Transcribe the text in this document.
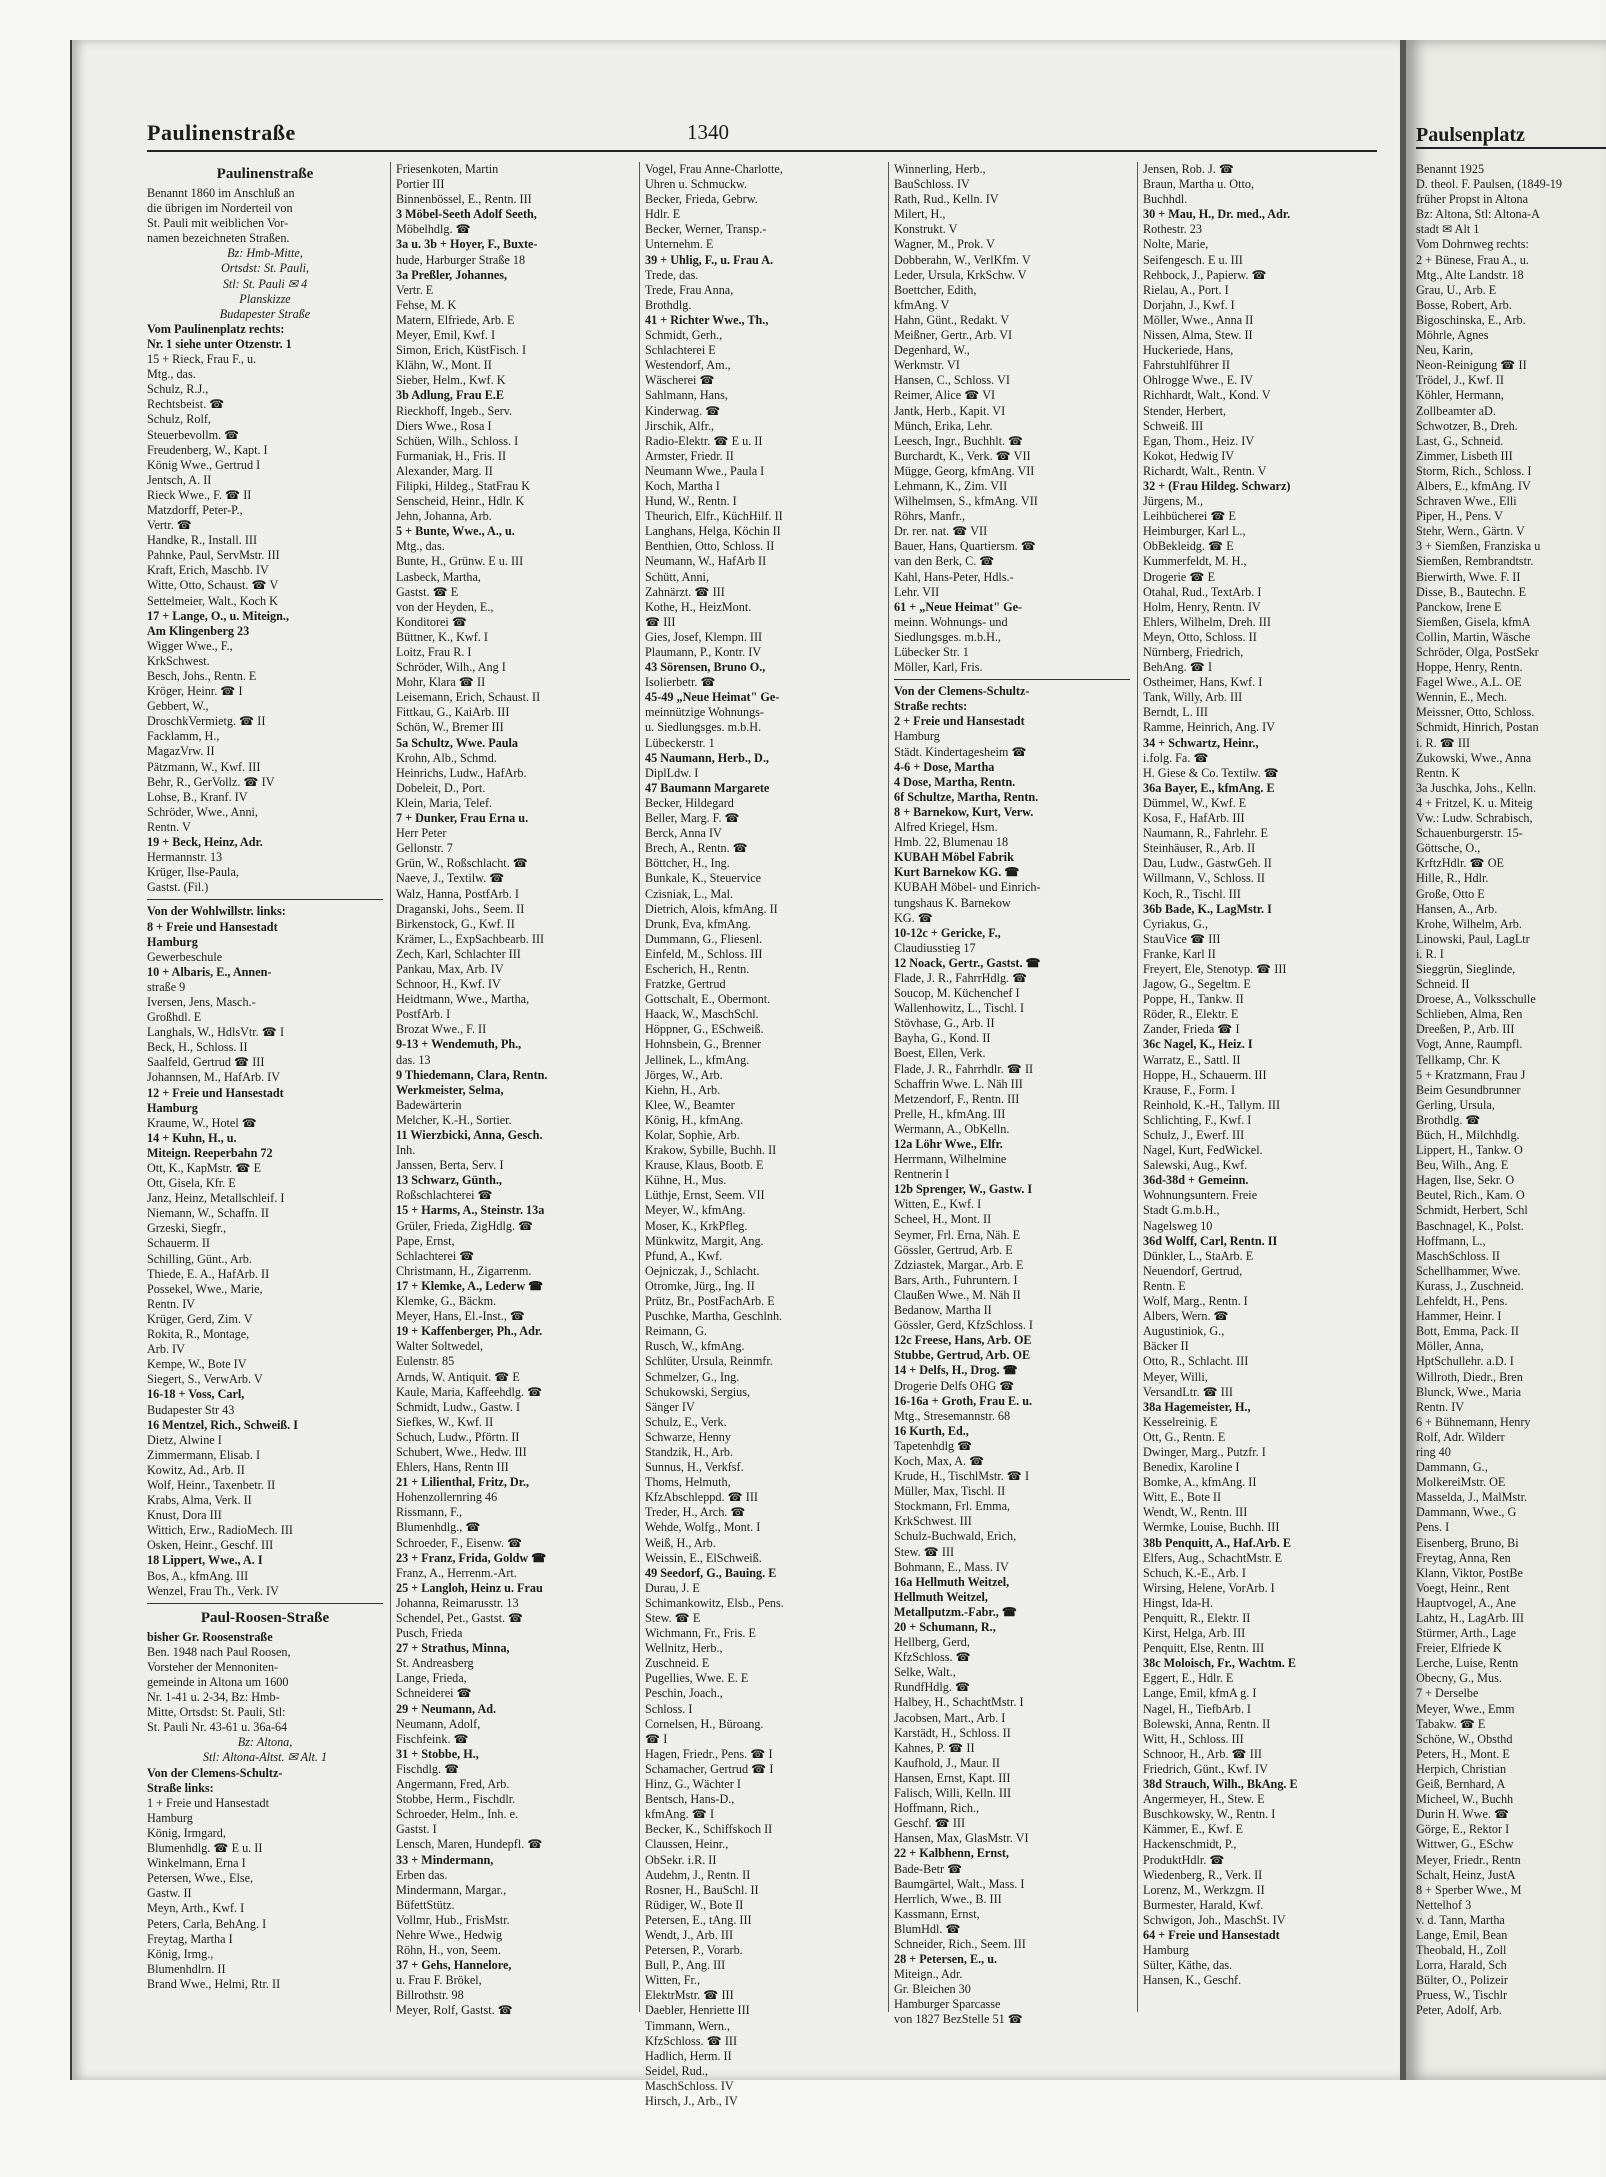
Paulinenstraße	1340
Paulinenstraße
Benannt 1860 im Anschluß an
die übrigen im Norderteil von
St. Pauli mit weiblichen Vor-
namen bezeichneten Straßen.
Bz: Hmb-Mitte,
Ortsdst: St. Pauli,
Stl: St. Pauli ✉ 4
Planskizze
Budapester Straße
Vom Paulinenplatz rechts:
Nr. 1 siehe unter Otzenstr. 1
15 + Rieck, Frau F., u.
Mtg., das.
Schulz, R.J.,
Rechtsbeist. ☎
Schulz, Rolf,
Steuerbevollm. ☎
Freudenberg, W., Kapt. I
König Wwe., Gertrud I
Jentsch, A. II
Rieck Wwe., F. ☎ II
Matzdorff, Peter-P.,
Vertr. ☎
Handke, R., Install. III
Pahnke, Paul, ServMstr. III
Kraft, Erich, Maschb. IV
Witte, Otto, Schaust. ☎ V
Settelmeier, Walt., Koch K
17 + Lange, O., u. Miteign.,
Am Klingenberg 23
Wigger Wwe., F.,
KrkSchwest.
Besch, Johs., Rentn. E
Kröger, Heinr. ☎ I
Gebbert, W.,
DroschkVermietg. ☎ II
Facklamm, H.,
MagazVrw. II
Pätzmann, W., Kwf. III
Behr, R., GerVollz. ☎ IV
Lohse, B., Kranf. IV
Schröder, Wwe., Anni,
Rentn. V
19 + Beck, Heinz, Adr.
Hermannstr. 13
Krüger, Ilse-Paula,
Gastst. (Fil.)
Von der Wohlwillstr. links:
8 + Freie und Hansestadt
Hamburg
Gewerbeschule
10 + Albaris, E., Annen-
straße 9
Iversen, Jens, Masch.-
Großhdl. E
Langhals, W., HdlsVtr. ☎ I
Beck, H., Schloss. II
Saalfeld, Gertrud ☎ III
Johannsen, M., HafArb. IV
12 + Freie und Hansestadt
Hamburg
Kraume, W., Hotel ☎
14 + Kuhn, H., u.
Miteign. Reeperbahn 72
Ott, K., KapMstr. ☎ E
Ott, Gisela, Kfr. E
Janz, Heinz, Metallschleif. I
Niemann, W., Schaffn. II
Grzeski, Siegfr.,
Schauerm. II
Schilling, Günt., Arb.
Thiede, E. A., HafArb. II
Possekel, Wwe., Marie,
Rentn. IV
Krüger, Gerd, Zim. V
Rokita, R., Montage,
Arb. IV
Kempe, W., Bote IV
Siegert, S., VerwArb. V
16-18 + Voss, Carl,
Budapester Str 43
16 Mentzel, Rich., Schweiß. I
Dietz, Alwine I
Zimmermann, Elisab. I
Kowitz, Ad., Arb. II
Wolf, Heinr., Taxenbetr. II
Krabs, Alma, Verk. II
Knust, Dora III
Wittich, Erw., RadioMech. III
Osken, Heinr., Geschf. III
18 Lippert, Wwe., A. I
Bos, A., kfmAng. III
Wenzel, Frau Th., Verk. IV
Paul-Roosen-Straße
bisher Gr. Roosenstraße
Ben. 1948 nach Paul Roosen,
Vorsteher der Mennoniten-
gemeinde in Altona um 1600
Nr. 1-41 u. 2-34, Bz: Hmb-
Mitte, Ortsdst: St. Pauli, Stl:
St. Pauli Nr. 43-61 u. 36a-64
Bz: Altona,
Stl: Altona-Altst. ✉ Alt. 1
Von der Clemens-Schultz-
Straße links:
1 + Freie und Hansestadt
Hamburg
König, Irmgard,
Blumenhdlg. ☎ E u. II
Winkelmann, Erna I
Petersen, Wwe., Else,
Gastw. II
Meyn, Arth., Kwf. I
Peters, Carla, BehAng. I
Freytag, Martha I
König, Irmg.,
Blumenhdlrn. II
Brand Wwe., Helmi, Rtr. II
Friesenkoten, Martin
Portier III
Binnenbössel, E., Rentn. III
3 Möbel-Seeth Adolf Seeth,
Möbelhdlg. ☎
3a u. 3b + Hoyer, F., Buxte-
hude, Harburger Straße 18
3a Preßler, Johannes,
Vertr. E
Fehse, M. K
Matern, Elfriede, Arb. E
Meyer, Emil, Kwf. I
Simon, Erich, KüstFisch. I
Klähn, W., Mont. II
Sieber, Helm., Kwf. K
3b Adlung, Frau E.E
Rieckhoff, Ingeb., Serv.
Diers Wwe., Rosa I
Schüen, Wilh., Schloss. I
Furmaniak, H., Fris. II
Alexander, Marg. II
Filipki, Hildeg., StatFrau K
Senscheid, Heinr., Hdlr. K
Jehn, Johanna, Arb.
5 + Bunte, Wwe., A., u.
Mtg., das.
Bunte, H., Grünw. E u. III
Lasbeck, Martha,
Gastst. ☎ E
von der Heyden, E.,
Konditorei ☎
Büttner, K., Kwf. I
Loitz, Frau R. I
Schröder, Wilh., Ang I
Mohr, Klara ☎ II
Leisemann, Erich, Schaust. II
Fittkau, G., KaiArb. III
Schön, W., Bremer III
5a Schultz, Wwe. Paula
Krohn, Alb., Schmd.
Heinrichs, Ludw., HafArb.
Dobeleit, D., Port.
Klein, Maria, Telef.
7 + Dunker, Frau Erna u.
Herr Peter
Gellonstr. 7
Grün, W., Roßschlacht. ☎
Naeve, J., Textilw. ☎
Walz, Hanna, PostfArb. I
Draganski, Johs., Seem. II
Birkenstock, G., Kwf. II
Krämer, L., ExpSachbearb. III
Zech, Karl, Schlachter III
Pankau, Max, Arb. IV
Schnoor, H., Kwf. IV
Heidtmann, Wwe., Martha,
PostfArb. I
Brozat Wwe., F. II
9-13 + Wendemuth, Ph.,
das. 13
9 Thiedemann, Clara, Rentn.
Werkmeister, Selma,
Badewärterin
Melcher, K.-H., Sortier.
11 Wierzbicki, Anna, Gesch.
Inh.
Janssen, Berta, Serv. I
13 Schwarz, Günth.,
Roßschlachterei ☎
15 + Harms, A., Steinstr. 13a
Grüler, Frieda, ZigHdlg. ☎
Pape, Ernst,
Schlachterei ☎
Christmann, H., Zigarrenm.
17 + Klemke, A., Lederw ☎
Klemke, G., Bäckm.
Meyer, Hans, El.-Inst., ☎
19 + Kaffenberger, Ph., Adr.
Walter Soltwedel,
Eulenstr. 85
Arnds, W. Antiquit. ☎ E
Kaule, Maria, Kaffeehdlg. ☎
Schmidt, Ludw., Gastw. I
Siefkes, W., Kwf. II
Schuch, Ludw., Pförtn. II
Schubert, Wwe., Hedw. III
Ehlers, Hans, Rentn III
21 + Lilienthal, Fritz, Dr.,
Hohenzollernring 46
Rissmann, F.,
Blumenhdlg., ☎
Schroeder, F., Eisenw. ☎
23 + Franz, Frida, Goldw ☎
Franz, A., Herrenm.-Art.
25 + Langloh, Heinz u. Frau
Johanna, Reimarusstr. 13
Schendel, Pet., Gastst. ☎
Pusch, Frieda
27 + Strathus, Minna,
St. Andreasberg
Lange, Frieda,
Schneiderei ☎
29 + Neumann, Ad.
Neumann, Adolf,
Fischfeink. ☎
31 + Stobbe, H.,
Fischdlg. ☎
Angermann, Fred, Arb.
Stobbe, Herm., Fischdlr.
Schroeder, Helm., Inh. e.
Gastst. I
Lensch, Maren, Hundepfl. ☎
33 + Mindermann,
Erben das.
Mindermann, Margar.,
BüfettStütz.
Vollmr, Hub., FrisMstr.
Nehre Wwe., Hedwig
Röhn, H., von, Seem.
37 + Gehs, Hannelore,
u. Frau F. Brökel,
Billrothstr. 98
Meyer, Rolf, Gastst. ☎
Vogel, Frau Anne-Charlotte,
Uhren u. Schmuckw.
Becker, Frieda, Gebrw.
Hdlr. E
Becker, Werner, Transp.-
Unternehm. E
39 + Uhlig, F., u. Frau A.
Trede, das.
Trede, Frau Anna,
Brothdlg.
41 + Richter Wwe., Th.,
Schmidt, Gerh.,
Schlachterei E
Westendorf, Am.,
Wäscherei ☎
Sahlmann, Hans,
Kinderwag. ☎
Jirschik, Alfr.,
Radio-Elektr. ☎ E u. II
Armster, Friedr. II
Neumann Wwe., Paula I
Koch, Martha I
Hund, W., Rentn. I
Theurich, Elfr., KüchHilf. II
Langhans, Helga, Köchin II
Benthien, Otto, Schloss. II
Neumann, W., HafArb II
Schütt, Anni,
Zahnärzt. ☎ III
Kothe, H., HeizMont.
☎ III
Gies, Josef, Klempn. III
Plaumann, P., Kontr. IV
43 Sörensen, Bruno O.,
Isolierbetr. ☎
45-49 „Neue Heimat" Ge-
meinnützige Wohnungs-
u. Siedlungsges. m.b.H.
Lübeckerstr. 1
45 Naumann, Herb., D.,
DiplLdw. I
47 Baumann Margarete
Becker, Hildegard
Beller, Marg. F. ☎
Berck, Anna IV
Brech, A., Rentn. ☎
Böttcher, H., Ing.
Bunkale, K., Steuervice
Czisniak, L., Mal.
Dietrich, Alois, kfmAng. II
Drunk, Eva, kfmAng.
Dummann, G., Fliesenl.
Einfeld, M., Schloss. III
Escherich, H., Rentn.
Fratzke, Gertrud
Gottschalt, E., Obermont.
Haack, W., MaschSchl.
Höppner, G., ESchweiß.
Hohnsbein, G., Brenner
Jellinek, L., kfmAng.
Jörges, W., Arb.
Kiehn, H., Arb.
Klee, W., Beamter
König, H., kfmAng.
Kolar, Sophie, Arb.
Krakow, Sybille, Buchh. II
Krause, Klaus, Bootb. E
Kühne, H., Mus.
Lüthje, Ernst, Seem. VII
Meyer, W., kfmAng.
Moser, K., KrkPfleg.
Münkwitz, Margit, Ang.
Pfund, A., Kwf.
Oejniczak, J., Schlacht.
Otromke, Jürg., Ing. II
Prütz, Br., PostFachArb. E
Puschke, Martha, Geschlnh.
Reimann, G.
Rusch, W., kfmAng.
Schlüter, Ursula, Reinmfr.
Schmelzer, G., Ing.
Schukowski, Sergius,
Sänger IV
Schulz, E., Verk.
Schwarze, Henny
Standzik, H., Arb.
Sunnus, H., Verkfsf.
Thoms, Helmuth,
KfzAbschleppd. ☎ III
Treder, H., Arch. ☎
Wehde, Wolfg., Mont. I
Weiß, H., Arb.
Weissin, E., ElSchweiß.
49 Seedorf, G., Bauing. E
Durau, J. E
Schimankowitz, Elsb., Pens.
Stew. ☎ E
Wichmann, Fr., Fris. E
Wellnitz, Herb.,
Zuschneid. E
Pugellies, Wwe. E. E
Peschin, Joach.,
Schloss. I
Cornelsen, H., Büroang.
☎ I
Hagen, Friedr., Pens. ☎ I
Schamacher, Gertrud ☎ I
Hinz, G., Wächter I
Bentsch, Hans-D.,
kfmAng. ☎ I
Becker, K., Schiffskoch II
Claussen, Heinr.,
ObSekr. i.R. II
Audehm, J., Rentn. II
Rosner, H., BauSchl. II
Rüdiger, W., Bote II
Petersen, E., tAng. III
Wendt, J., Arb. III
Petersen, P., Vorarb.
Bull, P., Ang. III
Witten, Fr.,
ElektrMstr. ☎ III
Daebler, Henriette III
Timmann, Wern.,
KfzSchloss. ☎ III
Hadlich, Herm. II
Seidel, Rud.,
MaschSchloss. IV
Hirsch, J., Arb., IV
Winnerling, Herb.,
BauSchloss. IV
Rath, Rud., Kelln. IV
Milert, H.,
Konstrukt. V
Wagner, M., Prok. V
Dobberahn, W., VerlKfm. V
Leder, Ursula, KrkSchw. V
Boettcher, Edith,
kfmAng. V
Hahn, Günt., Redakt. V
Meißner, Gertr., Arb. VI
Degenhard, W.,
Werkmstr. VI
Hansen, C., Schloss. VI
Reimer, Alice ☎ VI
Jantk, Herb., Kapit. VI
Münch, Erika, Lehr.
Leesch, Ingr., Buchhlt. ☎
Burchardt, K., Verk. ☎ VII
Mügge, Georg, kfmAng. VII
Lehmann, K., Zim. VII
Wilhelmsen, S., kfmAng. VII
Röhrs, Manfr.,
Dr. rer. nat. ☎ VII
Bauer, Hans, Quartiersm. ☎
van den Berk, C. ☎
Kahl, Hans-Peter, Hdls.-
Lehr. VII
61 + „Neue Heimat" Ge-
meinn. Wohnungs- und
Siedlungsges. m.b.H.,
Lübecker Str. 1
Möller, Karl, Fris.
Von der Clemens-Schultz-
Straße rechts:
2 + Freie und Hansestadt
Hamburg
Städt. Kindertagesheim ☎
4-6 + Dose, Martha
4 Dose, Martha, Rentn.
6f Schultze, Martha, Rentn.
8 + Barnekow, Kurt, Verw.
Alfred Kriegel, Hsm.
Hmb. 22, Blumenau 18
KUBAH Möbel Fabrik
Kurt Barnekow KG. ☎
KUBAH Möbel- und Einrich-
tungshaus K. Barnekow
KG. ☎
10-12c + Gericke, F.,
Claudiusstieg 17
12 Noack, Gertr., Gastst. ☎
Flade, J. R., FahrrHdlg. ☎
Soucop, M. Küchenchef I
Wallenhowitz, L., Tischl. I
Stövhase, G., Arb. II
Bayha, G., Kond. II
Boest, Ellen, Verk.
Flade, J. R., Fahrrhdlr. ☎ II
Schaffrin Wwe. L. Näh III
Metzendorf, F., Rentn. III
Prelle, H., kfmAng. III
Wermann, A., ObKelln.
12a Löhr Wwe., Elfr.
Herrmann, Wilhelmine
Rentnerin I
12b Sprenger, W., Gastw. I
Witten, E., Kwf. I
Scheel, H., Mont. II
Seymer, Frl. Erna, Näh. E
Gössler, Gertrud, Arb. E
Zdziastek, Margar., Arb. E
Bars, Arth., Fuhruntern. I
Claußen Wwe., M. Näh II
Bedanow, Martha II
Gössler, Gerd, KfzSchloss. I
12c Freese, Hans, Arb. OE
Stubbe, Gertrud, Arb. OE
14 + Delfs, H., Drog. ☎
Drogerie Delfs OHG ☎
16-16a + Groth, Frau E. u.
Mtg., Stresemannstr. 68
16 Kurth, Ed.,
Tapetenhdlg ☎
Koch, Max, A. ☎
Krude, H., TischlMstr. ☎ I
Müller, Max, Tischl. II
Stockmann, Frl. Emma,
KrkSchwest. III
Schulz-Buchwald, Erich,
Stew. ☎ III
Bohmann, E., Mass. IV
16a Hellmuth Weitzel,
Hellmuth Weitzel,
Metallputzm.-Fabr., ☎
20 + Schumann, R.,
Hellberg, Gerd,
KfzSchloss. ☎
Selke, Walt.,
RundfHdlg. ☎
Halbey, H., SchachtMstr. I
Jacobsen, Mart., Arb. I
Karstädt, H., Schloss. II
Kahnes, P. ☎ II
Kaufhold, J., Maur. II
Hansen, Ernst, Kapt. III
Falisch, Willi, Kelln. III
Hoffmann, Rich.,
Geschf. ☎ III
Hansen, Max, GlasMstr. VI
22 + Kalbhenn, Ernst,
Bade-Betr ☎
Baumgärtel, Walt., Mass. I
Herrlich, Wwe., B. III
Kassmann, Ernst,
BlumHdl. ☎
Schneider, Rich., Seem. III
28 + Petersen, E., u.
Miteign., Adr.
Gr. Bleichen 30
Hamburger Sparcasse
von 1827 BezStelle 51 ☎
Jensen, Rob. J. ☎
Braun, Martha u. Otto,
Buchhdl.
30 + Mau, H., Dr. med., Adr.
Rothestr. 23
Nolte, Marie,
Seifengesch. E u. III
Rehbock, J., Papierw. ☎
Rielau, A., Port. I
Dorjahn, J., Kwf. I
Möller, Wwe., Anna II
Nissen, Alma, Stew. II
Huckeriede, Hans,
Fahrstuhlführer II
Ohlrogge Wwe., E. IV
Richhardt, Walt., Kond. V
Stender, Herbert,
Schweiß. III
Egan, Thom., Heiz. IV
Kokot, Hedwig IV
Richardt, Walt., Rentn. V
32 + (Frau Hildeg. Schwarz)
Jürgens, M.,
Leihbücherei ☎ E
Heimburger, Karl L.,
ObBekleidg. ☎ E
Kummerfeldt, M. H.,
Drogerie ☎ E
Otahal, Rud., TextArb. I
Holm, Henry, Rentn. IV
Ehlers, Wilhelm, Dreh. III
Meyn, Otto, Schloss. II
Nürnberg, Friedrich,
BehAng. ☎ I
Ostheimer, Hans, Kwf. I
Tank, Willy, Arb. III
Berndt, L. III
Ramme, Heinrich, Ang. IV
34 + Schwartz, Heinr.,
i.folg. Fa. ☎
H. Giese & Co. Textilw. ☎
36a Bayer, E., kfmAng. E
Dümmel, W., Kwf. E
Kosa, F., HafArb. III
Naumann, R., Fahrlehr. E
Steinhäuser, R., Arb. II
Dau, Ludw., GastwGeh. II
Willmann, V., Schloss. II
Koch, R., Tischl. III
36b Bade, K., LagMstr. I
Cyriakus, G.,
StauVice ☎ III
Franke, Karl II
Freyert, Ele, Stenotyp. ☎ III
Jagow, G., Segeltm. E
Poppe, H., Tankw. II
Röder, R., Elektr. E
Zander, Frieda ☎ I
36c Nagel, K., Heiz. I
Warratz, E., Sattl. II
Hoppe, H., Schauerm. III
Krause, F., Form. I
Reinhold, K.-H., Tallym. III
Schlichting, F., Kwf. I
Schulz, J., Ewerf. III
Nagel, Kurt, FedWickel.
Salewski, Aug., Kwf.
36d-38d + Gemeinn.
Wohnungsuntern. Freie
Stadt G.m.b.H.,
Nagelsweg 10
36d Wolff, Carl, Rentn. II
Dünkler, L., StaArb. E
Neuendorf, Gertrud,
Rentn. E
Wolf, Marg., Rentn. I
Albers, Wern. ☎
Augustiniok, G.,
Bäcker II
Otto, R., Schlacht. III
Meyer, Willi,
VersandLtr. ☎ III
38a Hagemeister, H.,
Kesselreinig. E
Ott, G., Rentn. E
Dwinger, Marg., Putzfr. I
Benedix, Karoline I
Bomke, A., kfmAng. II
Witt, E., Bote II
Wendt, W., Rentn. III
Wermke, Louise, Buchh. III
38b Penquitt, A., Haf.Arb. E
Elfers, Aug., SchachtMstr. E
Schuch, K.-E., Arb. I
Wirsing, Helene, VorArb. I
Hingst, Ida-H.
Penquitt, R., Elektr. II
Kirst, Helga, Arb. III
Penquitt, Else, Rentn. III
38c Moloisch, Fr., Wachtm. E
Eggert, E., Hdlr. E
Lange, Emil, kfmA g. I
Nagel, H., TiefbArb. I
Bolewski, Anna, Rentn. II
Witt, H., Schloss. III
Schnoor, H., Arb. ☎ III
Friedrich, Günt., Kwf. IV
38d Strauch, Wilh., BkAng. E
Angermeyer, H., Stew. E
Buschkowsky, W., Rentn. I
Kämmer, E., Kwf. E
Hackenschmidt, P.,
ProduktHdlr. ☎
Wiedenberg, R., Verk. II
Lorenz, M., Werkzgm. II
Burmester, Harald, Kwf.
Schwigon, Joh., MaschSt. IV
64 + Freie und Hansestadt
Hamburg
Sülter, Käthe, das.
Hansen, K., Geschf.
Paulsenplatz
Benannt 1925
D. theol. F. Paulsen, (1849-19
früher Propst in Altona
Bz: Altona, Stl: Altona-A
stadt ✉ Alt 1
Vom Dohrnweg rechts:
2 + Bünese, Frau A., u.
Mtg., Alte Landstr. 18
Grau, U., Arb. E
Bosse, Robert, Arb.
Bigoschinska, E., Arb.
Möhrle, Agnes
Neu, Karin,
Neon-Reinigung ☎ II
Trödel, J., Kwf. II
Köhler, Hermann,
Zollbeamter aD.
Schwotzer, B., Dreh.
Last, G., Schneid.
Zimmer, Lisbeth III
Storm, Rich., Schloss. I
Albers, E., kfmAng. IV
Schraven Wwe., Elli
Piper, H., Pens. V
Stehr, Wern., Gärtn. V
3 + Siemßen, Franziska u
Siemßen, Rembrandtstr.
Bierwirth, Wwe. F. II
Disse, B., Bautechn. E
Panckow, Irene E
Siemßen, Gisela, kfmA
Collin, Martin, Wäsche
Schröder, Olga, PostSekr
Hoppe, Henry, Rentn.
Fagel Wwe., A.L. OE
Wennin, E., Mech.
Meissner, Otto, Schloss.
Schmidt, Hinrich, Postan
i. R. ☎ III
Zukowski, Wwe., Anna
Rentn. K
3a Juschka, Johs., Kelln.
4 + Fritzel, K. u. Miteig
Vw.: Ludw. Schrabisch,
Schauenburgerstr. 15-
Göttsche, O.,
KrftzHdlr. ☎ OE
Hille, R., Hdlr.
Große, Otto E
Hansen, A., Arb.
Krohe, Wilhelm, Arb.
Linowski, Paul, LagLtr
i. R. I
Sieggrün, Sieglinde,
Schneid. II
Droese, A., Volksschulle
Schlieben, Alma, Ren
Dreeßen, P., Arb. III
Vogt, Anne, Raumpfl.
Tellkamp, Chr. K
5 + Kratzmann, Frau J
Beim Gesundbrunner
Gerling, Ursula,
Brothdlg. ☎
Büch, H., Milchhdlg.
Lippert, H., Tankw. O
Beu, Wilh., Ang. E
Hagen, Ilse, Sekr. O
Beutel, Rich., Kam. O
Schmidt, Herbert, Schl
Baschnagel, K., Polst.
Hoffmann, L.,
MaschSchloss. II
Schellhammer, Wwe.
Kurass, J., Zuschneid.
Lehfeldt, H., Pens.
Hammer, Heinr. I
Bott, Emma, Pack. II
Möller, Anna,
HptSchullehr. a.D. I
Willroth, Diedr., Bren
Blunck, Wwe., Maria
Rentn. IV
6 + Bühnemann, Henry
Rolf, Adr. Wilderr
ring 40
Dammann, G.,
MolkereiMstr. OE
Masselda, J., MalMstr.
Dammann, Wwe., G
Pens. I
Eisenberg, Bruno, Bi
Freytag, Anna, Ren
Klann, Viktor, PostBe
Voegt, Heinr., Rent
Hauptvogel, A., Ane
Lahtz, H., LagArb. III
Stürmer, Arth., Lage
Freier, Elfriede K
Lerche, Luise, Rentn
Obecny, G., Mus.
7 + Derselbe
Meyer, Wwe., Emm
Tabakw. ☎ E
Schöne, W., Obsthd
Peters, H., Mont. E
Herpich, Christian
Geiß, Bernhard, A
Micheel, W., Buchh
Durin H. Wwe. ☎
Görge, E., Rektor I
Wittwer, G., ESchw
Meyer, Friedr., Rentn
Schalt, Heinz, JustA
8 + Sperber Wwe., M
Nettelhof 3
v. d. Tann, Martha
Lange, Emil, Bean
Theobald, H., Zoll
Lorra, Harald, Sch
Bülter, O., Polizeir
Pruess, W., Tischlr
Peter, Adolf, Arb.
